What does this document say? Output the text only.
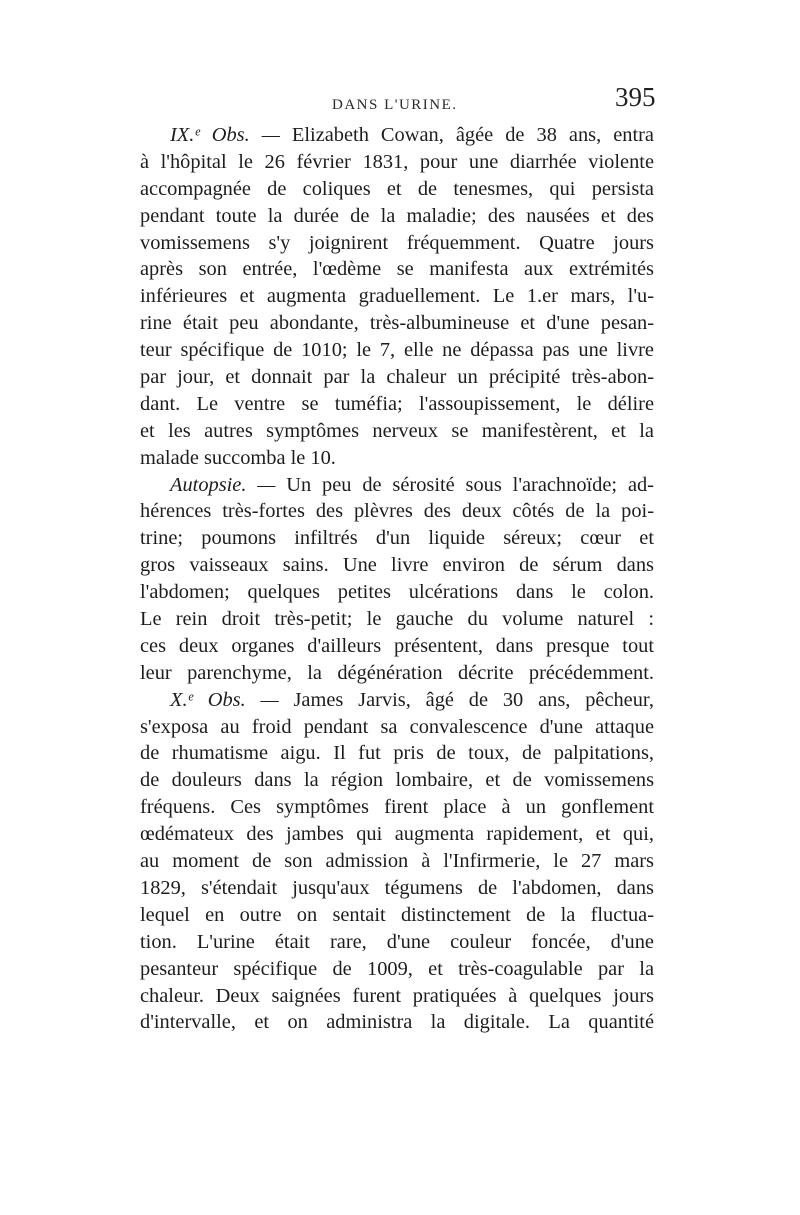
DANS L'URINE.	395
IX.ᵉ Obs. — Elizabeth Cowan, âgée de 38 ans, entra
à l'hôpital le 26 février 1831, pour une diarrhée violente
accompagnée de coliques et de tenesmes, qui persista
pendant toute la durée de la maladie; des nausées et des
vomissemens s'y joignirent fréquemment. Quatre jours
après son entrée, l'œdème se manifesta aux extrémités
inférieures et augmenta graduellement. Le 1.er mars, l'u-
rine était peu abondante, très-albumineuse et d'une pesan-
teur spécifique de 1010; le 7, elle ne dépassa pas une livre
par jour, et donnait par la chaleur un précipité très-abon-
dant. Le ventre se tuméfia; l'assoupissement, le délire
et les autres symptômes nerveux se manifestèrent, et la
malade succomba le 10.
Autopsie. — Un peu de sérosité sous l'arachnoïde; ad-
hérences très-fortes des plèvres des deux côtés de la poi-
trine; poumons infiltrés d'un liquide séreux; cœur et
gros vaisseaux sains. Une livre environ de sérum dans
l'abdomen; quelques petites ulcérations dans le colon.
Le rein droit très-petit; le gauche du volume naturel :
ces deux organes d'ailleurs présentent, dans presque tout
leur parenchyme, la dégénération décrite précédemment.
X.ᵉ Obs. — James Jarvis, âgé de 30 ans, pêcheur,
s'exposa au froid pendant sa convalescence d'une attaque
de rhumatisme aigu. Il fut pris de toux, de palpitations,
de douleurs dans la région lombaire, et de vomissemens
fréquens. Ces symptômes firent place à un gonflement
œdémateux des jambes qui augmenta rapidement, et qui,
au moment de son admission à l'Infirmerie, le 27 mars
1829, s'étendait jusqu'aux tégumens de l'abdomen, dans
lequel en outre on sentait distinctement de la fluctua-
tion. L'urine était rare, d'une couleur foncée, d'une
pesanteur spécifique de 1009, et très-coagulable par la
chaleur. Deux saignées furent pratiquées à quelques jours
d'intervalle, et on administra la digitale. La quantité
